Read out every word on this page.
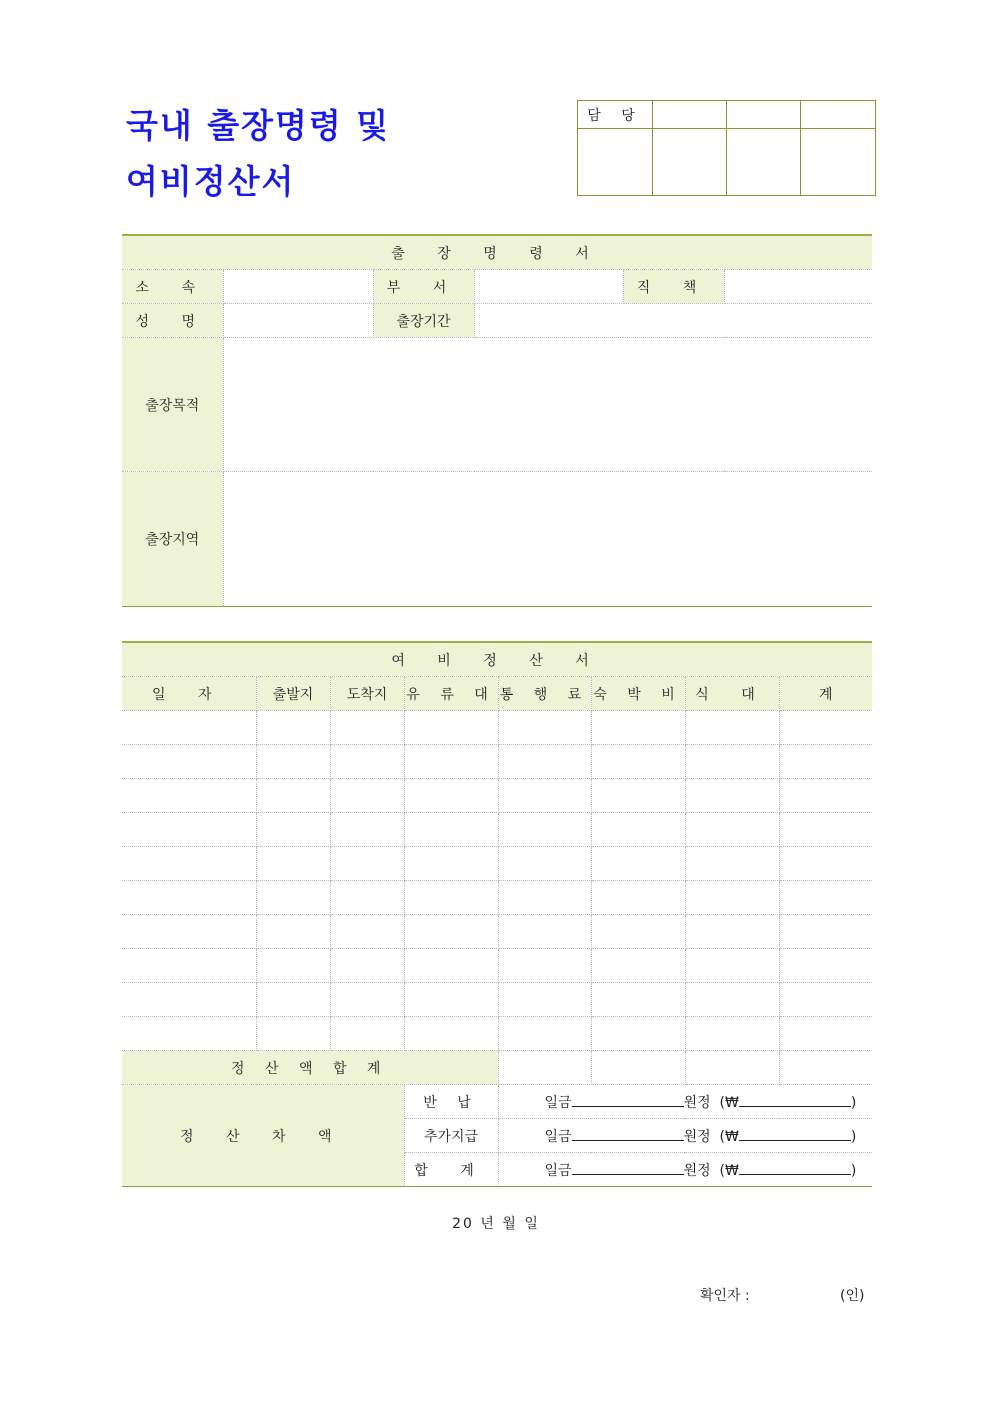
국내 출장명령 및
여비정산서
담 당			

출 장 명 령 서					
소 속		부 서		직 책	
성 명		출장기간			
출장목적					
출장지역					
여 비 정 산 서							
일 자	출발지	도착지	유 류 대	통 행 료	숙 박 비	식 대	계

정 산 액 합 계							
정 산 차 액			반 납	일금 원정 (₩ )			
			추가지급	일금 원정 (₩ )			
			합 계	일금 원정 (₩ )			
20 년 월 일
확인자 :	(인)
